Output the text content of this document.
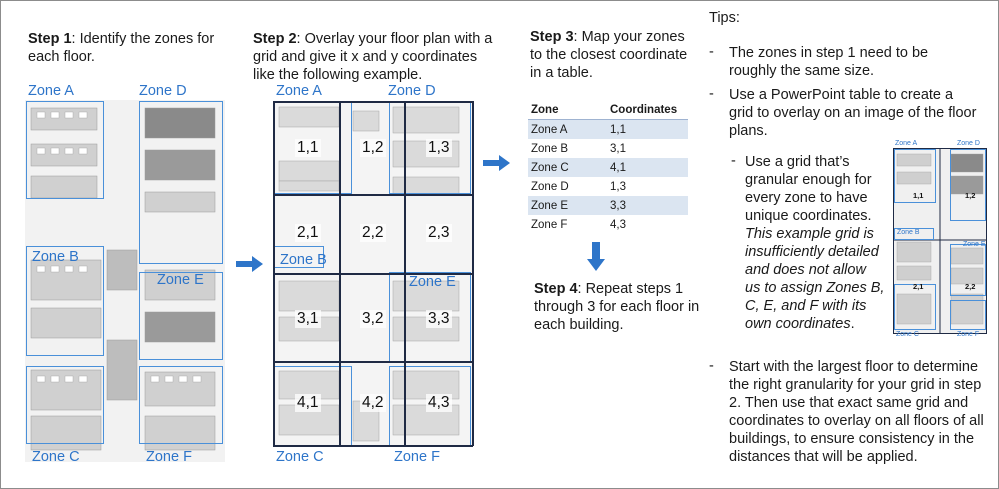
Step 1: Identify the zones for each floor.
Zone A	Zone D
Zone B
Zone E
Zone C	Zone F
Step 2: Overlay your floor plan with a grid and give it x and y coordinates like the following example.
1,1	1,2	1,3
2,1	2,2	2,3
3,1	3,2	3,3
4,1	4,2	4,3
Zone A	Zone D
Zone B
Zone E
Zone C	Zone F
Step 3: Map your zones to the closest coordinate in a table.
Zone	Coordinates
Zone A	1,1
Zone B	3,1
Zone C	4,1
Zone D	1,3
Zone E	3,3
Zone F	4,3
Step 4: Repeat steps 1 through 3 for each floor in each building.
Tips:
- The zones in step 1 need to be roughly the same size.
- Use a PowerPoint table to create a grid to overlay on an image of the floor plans.
- Use a grid that’s granular enough for every zone to have unique coordinates. This example grid is insufficiently detailed and does not allow us to assign Zones B, C, E, and F with its own coordinates.
Zone A	Zone D
Zone B
Zone E
Zone C	Zone F
1,1	1,2
2,1	2,2
- Start with the largest floor to determine the right granularity for your grid in step 2. Then use that exact same grid and coordinates to overlay on all floors of all buildings, to ensure consistency in the distances that will be applied.
